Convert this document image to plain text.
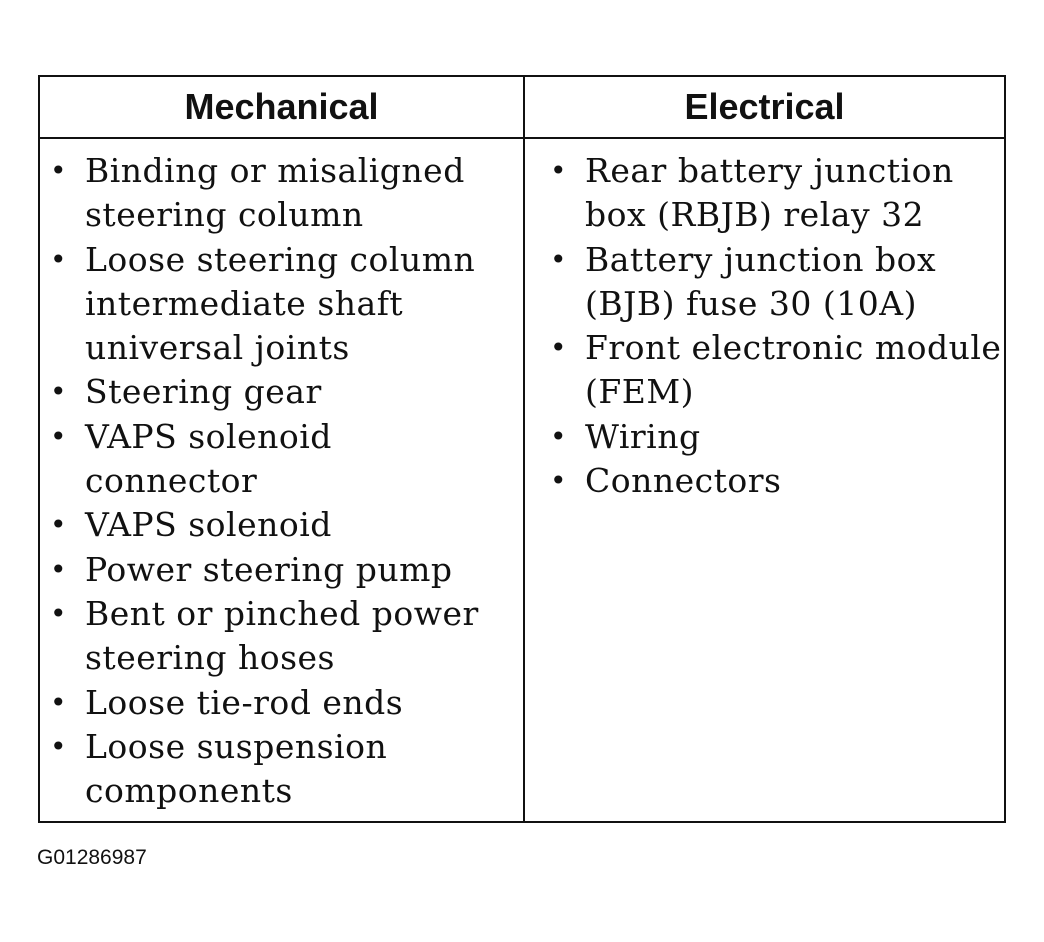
Mechanical	Electrical
• Binding or misaligned
steering column
• Loose steering column
intermediate shaft
universal joints
• Steering gear
• VAPS solenoid
connector
• VAPS solenoid
• Power steering pump
• Bent or pinched power
steering hoses
• Loose tie-rod ends
• Loose suspension
components
• Rear battery junction
box (RBJB) relay 32
• Battery junction box
(BJB) fuse 30 (10A)
• Front electronic module
(FEM)
• Wiring
• Connectors
G01286987
